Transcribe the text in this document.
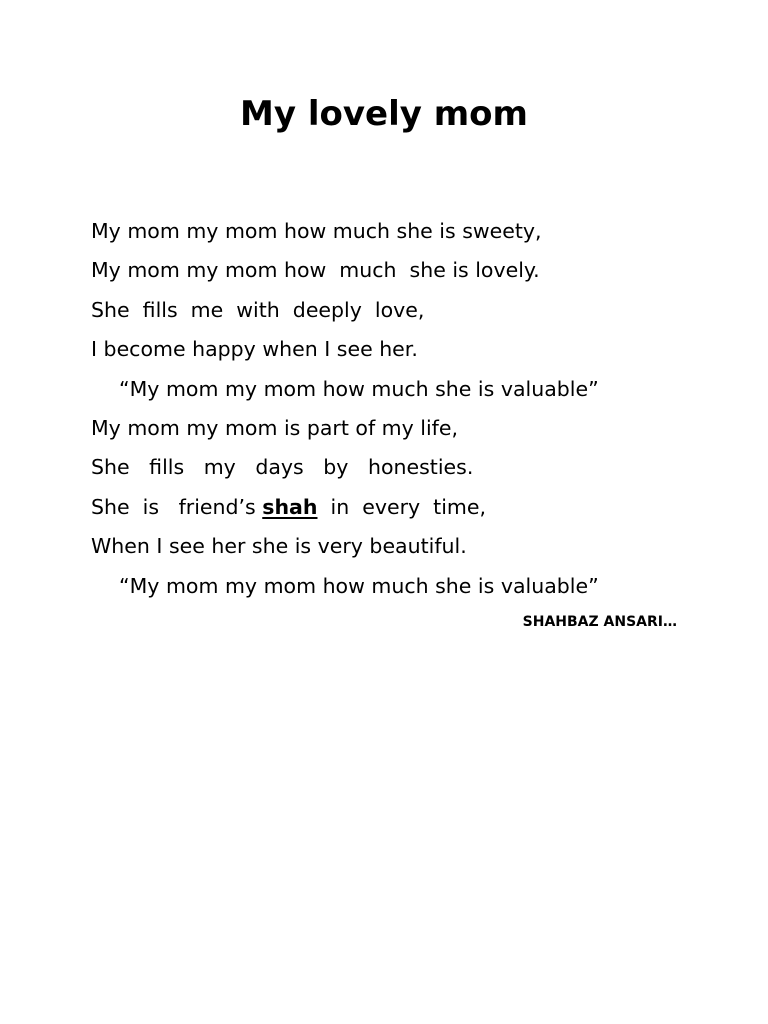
My lovely mom
My mom my mom how much she is sweety,
My mom my mom how  much  she is lovely.
She  fills  me  with  deeply  love,
I become happy when I see her.
“My mom my mom how much she is valuable”
My mom my mom is part of my life,
She   fills   my   days   by   honesties.
She  is   friend’s shah  in  every  time,
When I see her she is very beautiful.
“My mom my mom how much she is valuable”
SHAHBAZ ANSARI…
